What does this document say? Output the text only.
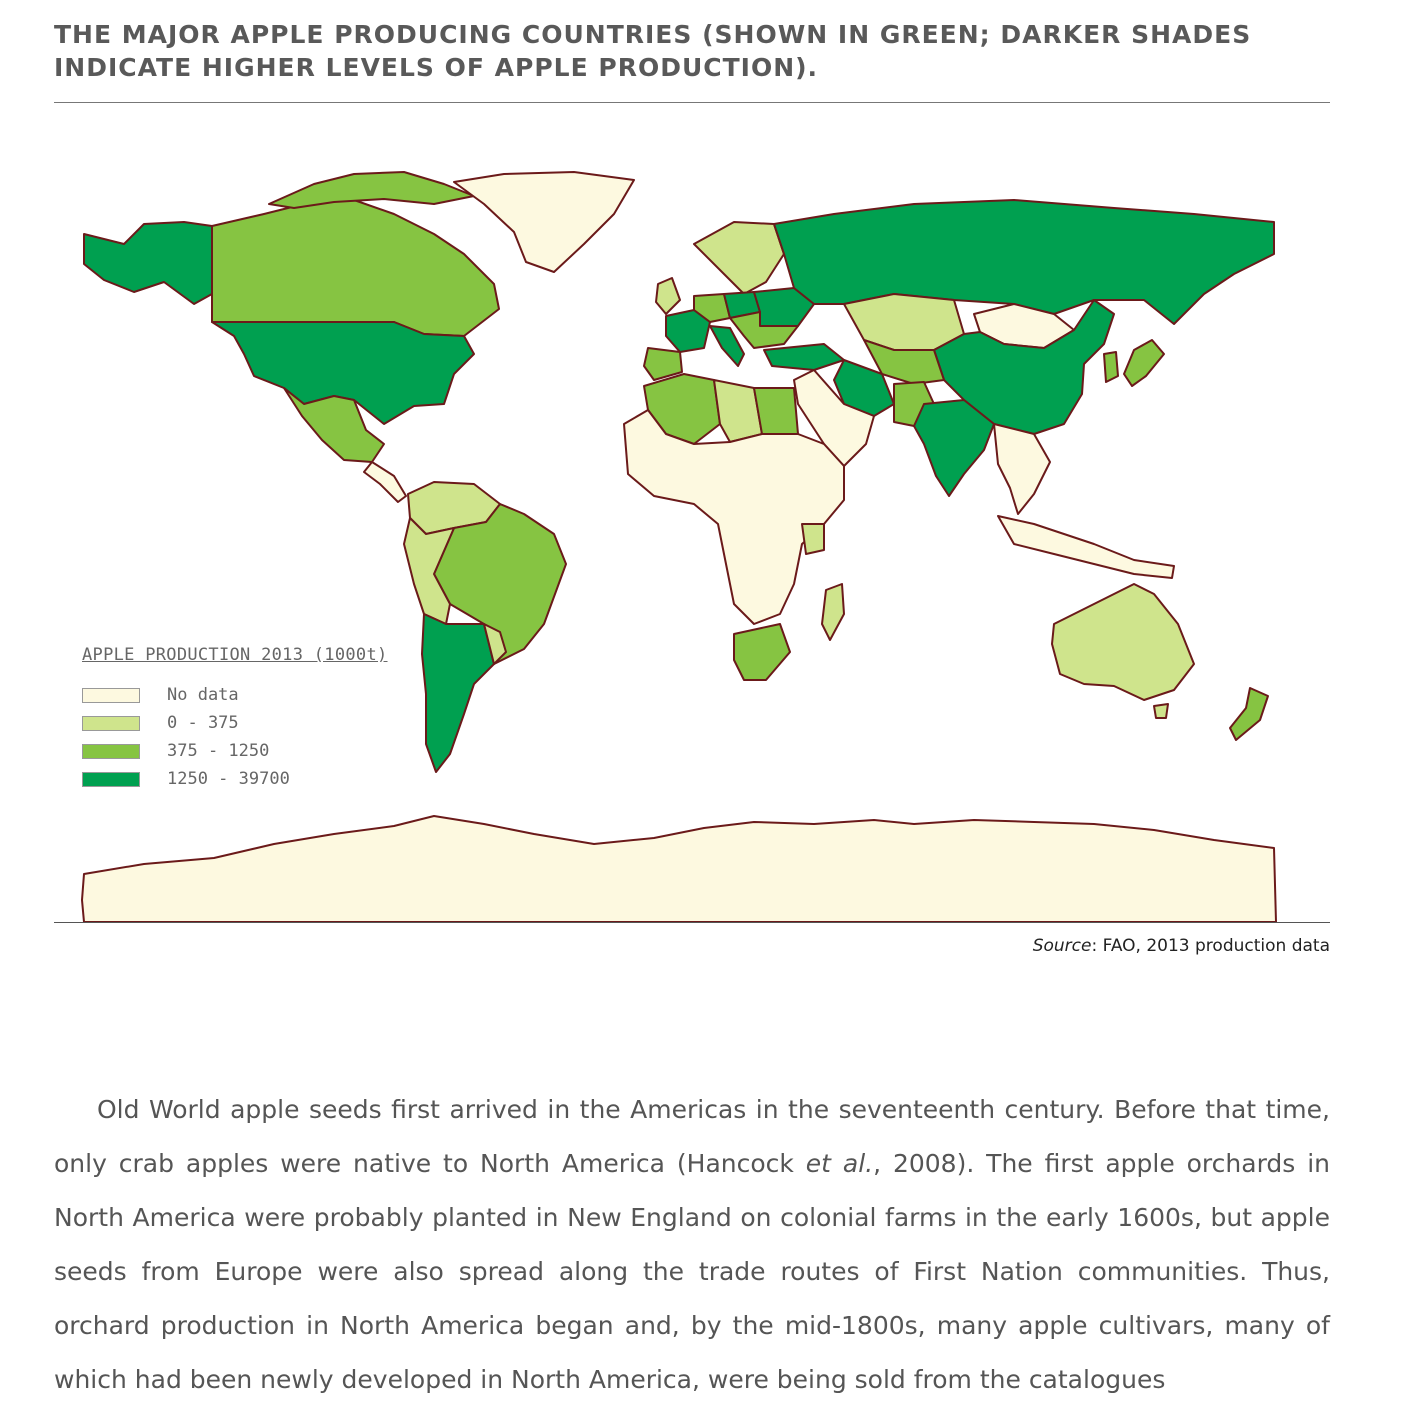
THE MAJOR APPLE PRODUCING COUNTRIES (SHOWN IN GREEN; DARKER SHADES INDICATE HIGHER LEVELS OF APPLE PRODUCTION).
APPLE PRODUCTION 2013 (1000t)
No data
0 - 375
375 - 1250
1250 - 39700
Source: FAO, 2013 production data

Old World apple seeds first arrived in the Americas in the seventeenth century. Before that time, only crab apples were native to North America (Hancock et al., 2008). The first apple orchards in North America were probably planted in New England on colonial farms in the early 1600s, but apple seeds from Europe were also spread along the trade routes of First Nation communities. Thus, orchard production in North America began and, by the mid-1800s, many apple cultivars, many of which had been newly developed in North America, were being sold from the catalogues
